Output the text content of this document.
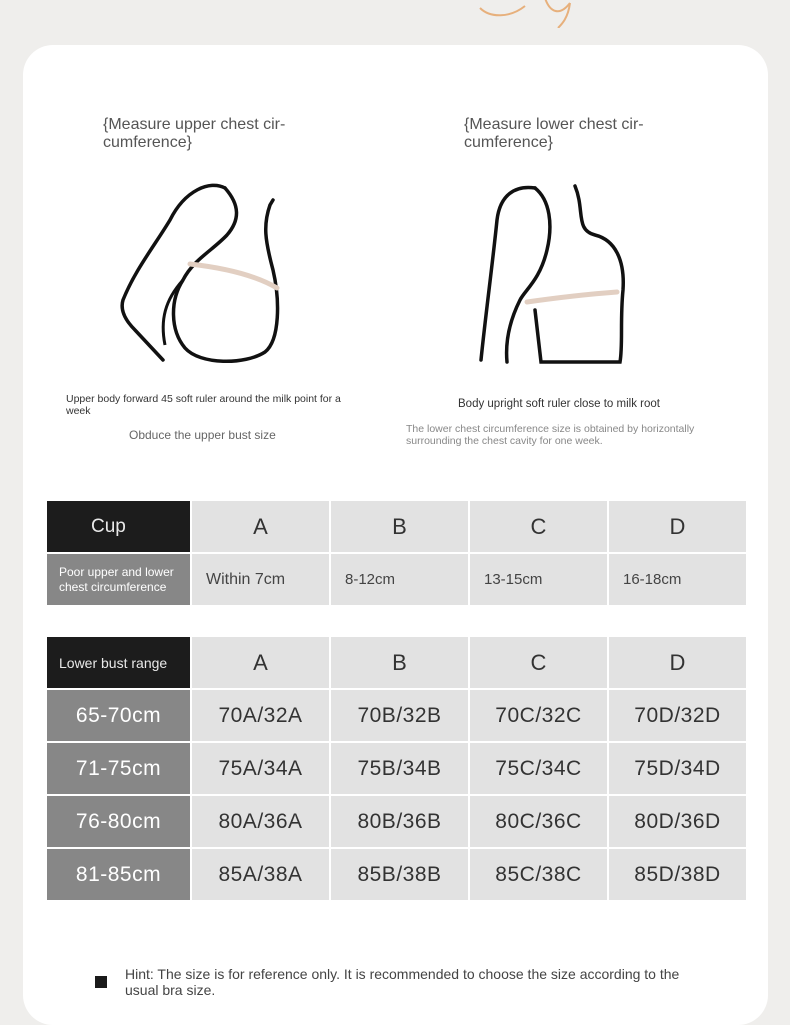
{Measure upper chest cir-
cumference}
Upper body forward 45 soft ruler around the milk point for a week
Obduce the upper bust size
{Measure lower chest cir-
cumference}
Body upright soft ruler close to milk root
The lower chest circumference size is obtained by horizontally surrounding the chest cavity for one week.
Cup	A	B	C	D
Poor upper and lower chest circumference	Within 7cm	8-12cm	13-15cm	16-18cm
Lower bust range	A	B	C	D
65-70cm	70A/32A	70B/32B	70C/32C	70D/32D
71-75cm	75A/34A	75B/34B	75C/34C	75D/34D
76-80cm	80A/36A	80B/36B	80C/36C	80D/36D
81-85cm	85A/38A	85B/38B	85C/38C	85D/38D
Hint: The size is for reference only. It is recommended to choose the size according to the usual bra size.
